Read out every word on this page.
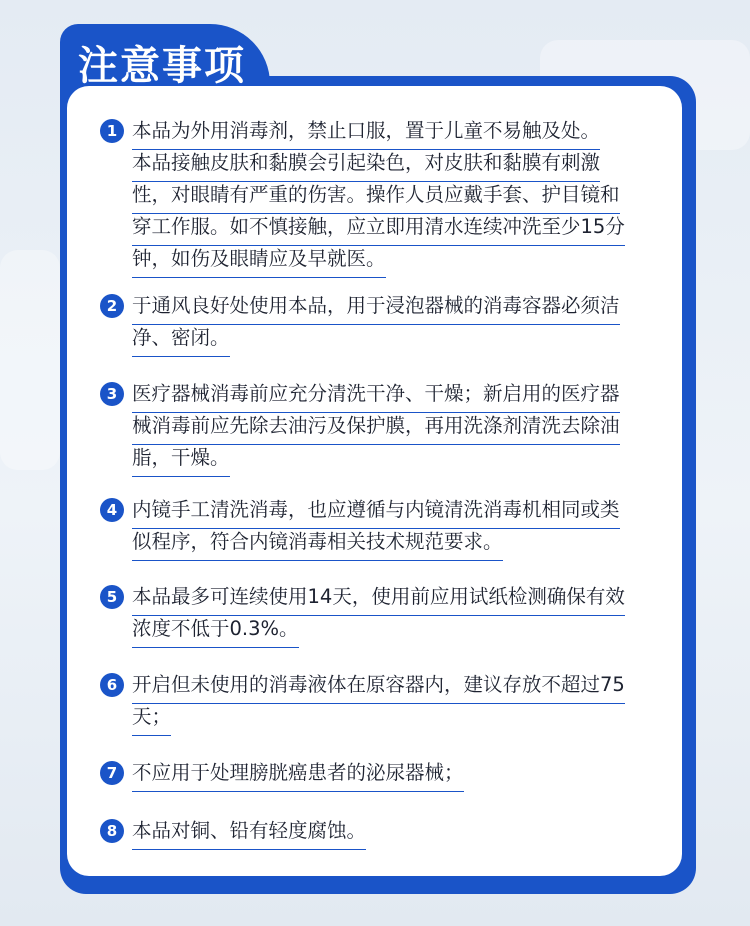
注意事项
1 本品为外用消毒剂，禁止口服，置于儿童不易触及处。
本品接触皮肤和黏膜会引起染色，对皮肤和黏膜有刺激
性，对眼睛有严重的伤害。操作人员应戴手套、护目镜和
穿工作服。如不慎接触，应立即用清水连续冲洗至少15分
钟，如伤及眼睛应及早就医。
2 于通风良好处使用本品，用于浸泡器械的消毒容器必须洁
净、密闭。
3 医疗器械消毒前应充分清洗干净、干燥；新启用的医疗器
械消毒前应先除去油污及保护膜，再用洗涤剂清洗去除油
脂，干燥。
4 内镜手工清洗消毒，也应遵循与内镜清洗消毒机相同或类
似程序，符合内镜消毒相关技术规范要求。
5 本品最多可连续使用14天，使用前应用试纸检测确保有效
浓度不低于0.3%。
6 开启但未使用的消毒液体在原容器内，建议存放不超过75
天；
7 不应用于处理膀胱癌患者的泌尿器械；
8 本品对铜、铅有轻度腐蚀。
